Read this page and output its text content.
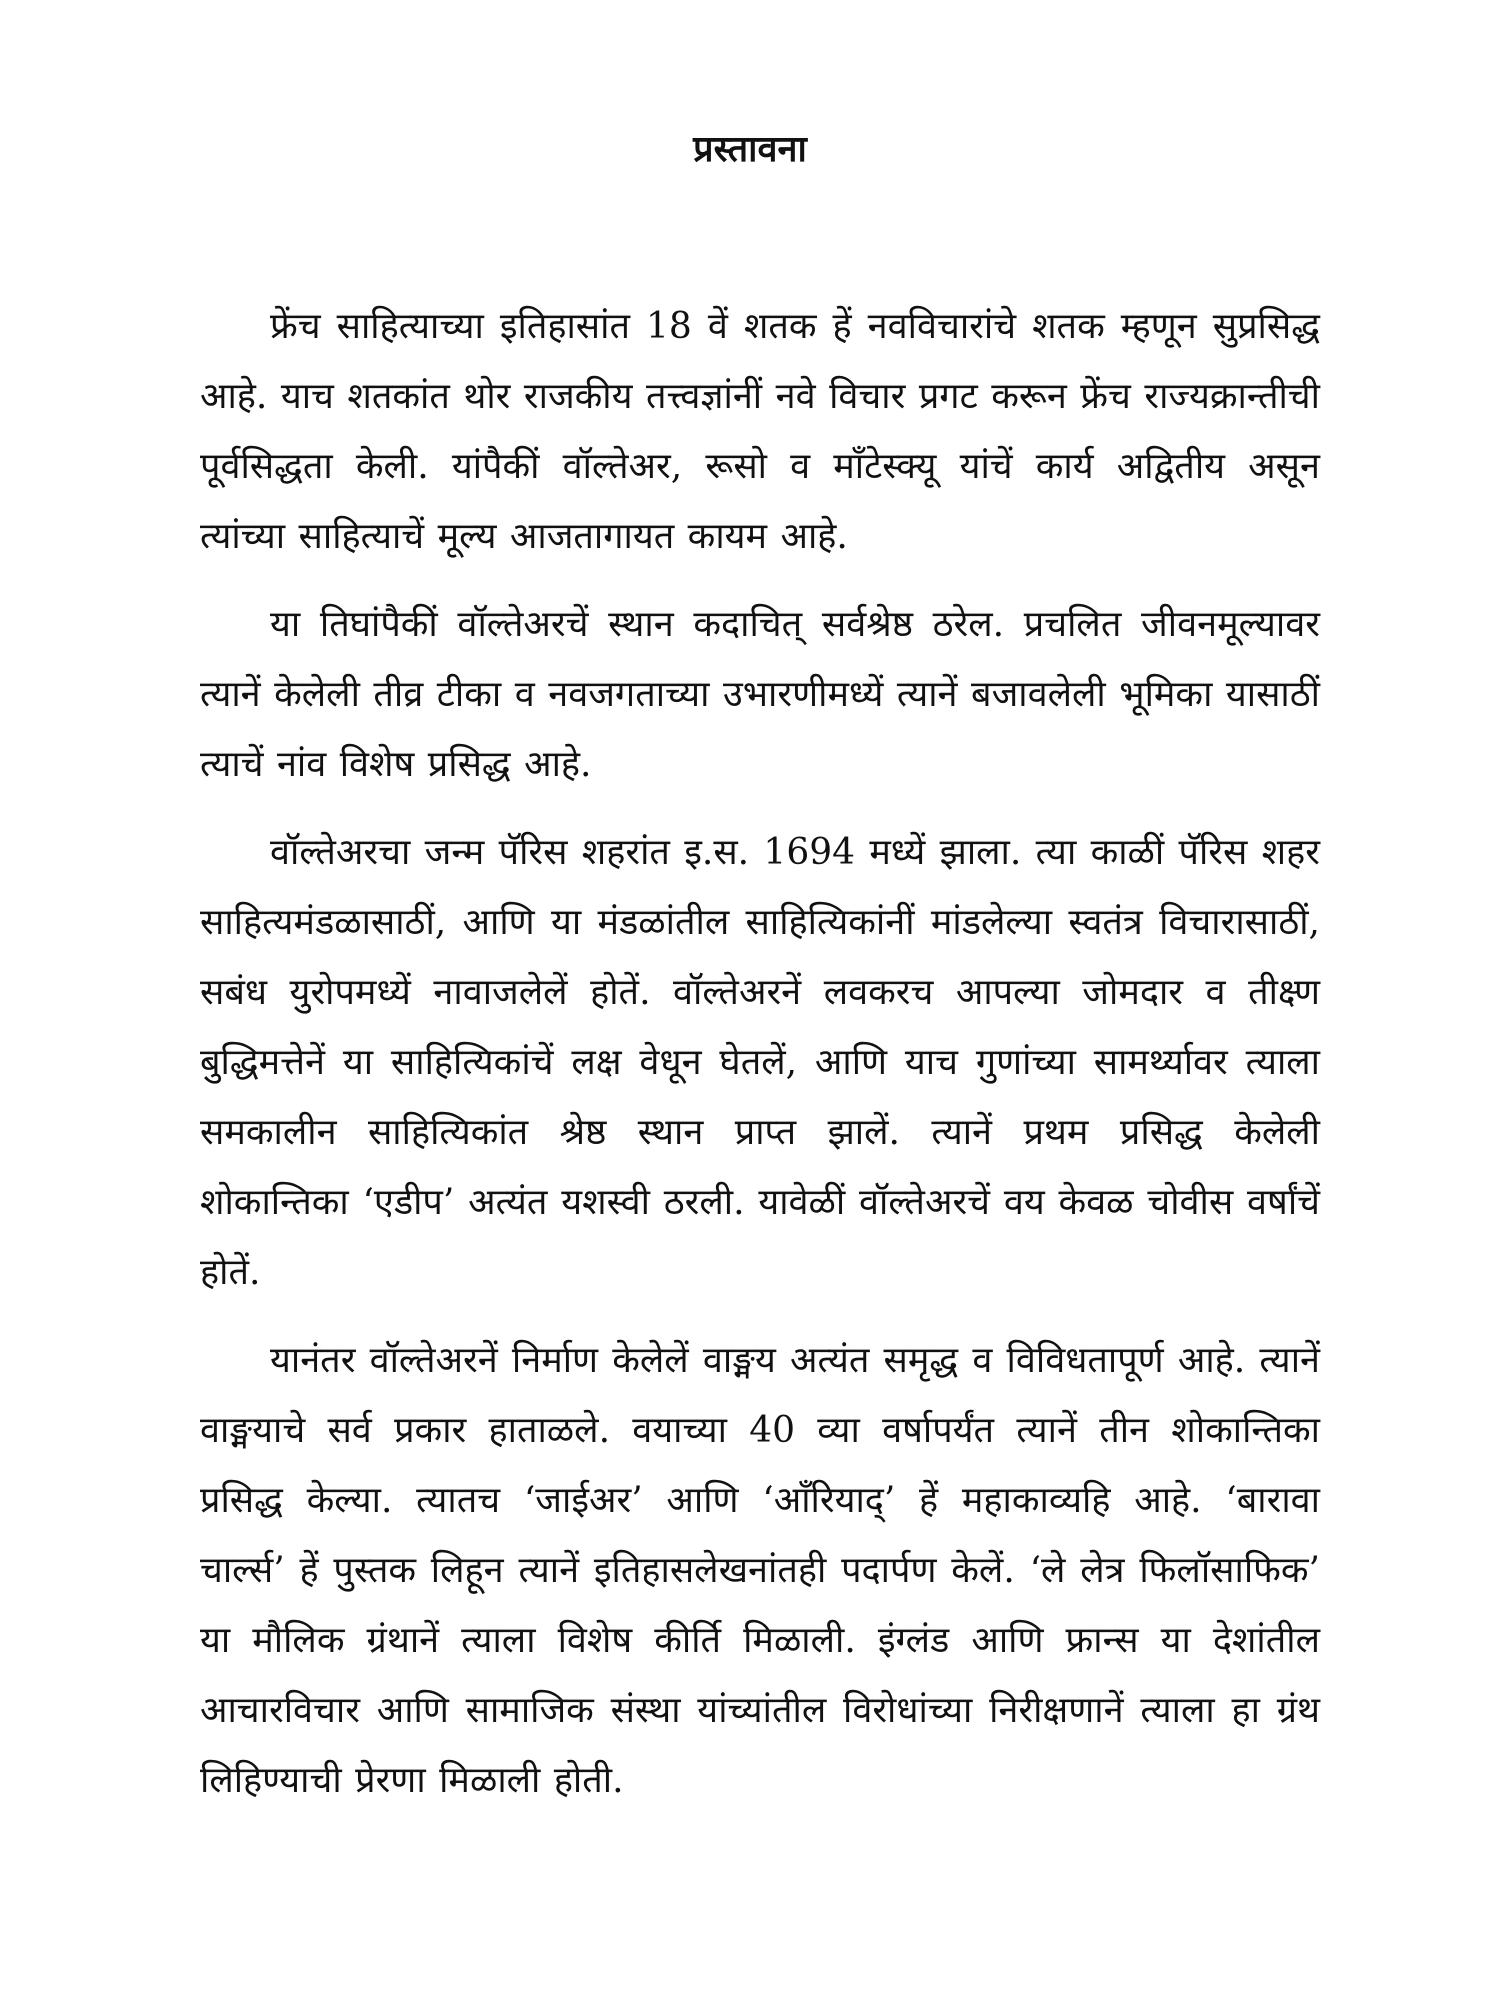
प्रस्तावना

फ्रेंच साहित्याच्या इतिहासांत 18 वें शतक हें नवविचारांचे शतक म्हणून सुप्रसिद्ध आहे. याच शतकांत थोर राजकीय तत्त्वज्ञांनीं नवे विचार प्रगट करून फ्रेंच राज्यक्रान्तीची पूर्वसिद्धता केली. यांपैकीं वॉल्तेअर, रूसो व मॉंटेस्क्यू यांचें कार्य अद्वितीय असून त्यांच्या साहित्याचें मूल्य आजतागायत कायम आहे.

या तिघांपैकीं वॉल्तेअरचें स्थान कदाचित् सर्वश्रेष्ठ ठरेल. प्रचलित जीवनमूल्यावर त्यानें केलेली तीव्र टीका व नवजगताच्या उभारणीमध्यें त्यानें बजावलेली भूमिका यासाठीं त्याचें नांव विशेष प्रसिद्ध आहे.

वॉल्तेअरचा जन्म पॅरिस शहरांत इ.स. 1694 मध्यें झाला. त्या काळीं पॅरिस शहर साहित्यमंडळासाठीं, आणि या मंडळांतील साहित्यिकांनीं मांडलेल्या स्वतंत्र विचारासाठीं, सबंध युरोपमध्यें नावाजलेलें होतें. वॉल्तेअरनें लवकरच आपल्या जोमदार व तीक्ष्ण बुद्धिमत्तेनें या साहित्यिकांचें लक्ष वेधून घेतलें, आणि याच गुणांच्या सामर्थ्यावर त्याला समकालीन साहित्यिकांत श्रेष्ठ स्थान प्राप्त झालें. त्यानें प्रथम प्रसिद्ध केलेली शोकान्तिका ‘एडीप’ अत्यंत यशस्वी ठरली. यावेळीं वॉल्तेअरचें वय केवळ चोवीस वर्षांचें होतें.

यानंतर वॉल्तेअरनें निर्माण केलेलें वाङ्मय अत्यंत समृद्ध व विविधतापूर्ण आहे. त्यानें वाङ्मयाचे सर्व प्रकार हाताळले. वयाच्या 40 व्या वर्षापर्यंत त्यानें तीन शोकान्तिका प्रसिद्ध केल्या. त्यातच ‘जाईअर’ आणि ‘ऑंरियाद्’ हें महाकाव्यहि आहे. ‘बारावा चार्ल्स’ हें पुस्तक लिहून त्यानें इतिहासलेखनांतही पदार्पण केलें. ‘ले लेत्र फिलॉसाफिक’ या मौलिक ग्रंथानें त्याला विशेष कीर्ति मिळाली. इंग्लंड आणि फ्रान्स या देशांतील आचारविचार आणि सामाजिक संस्था यांच्यांतील विरोधांच्या निरीक्षणानें त्याला हा ग्रंथ लिहिण्याची प्रेरणा मिळाली होती.
